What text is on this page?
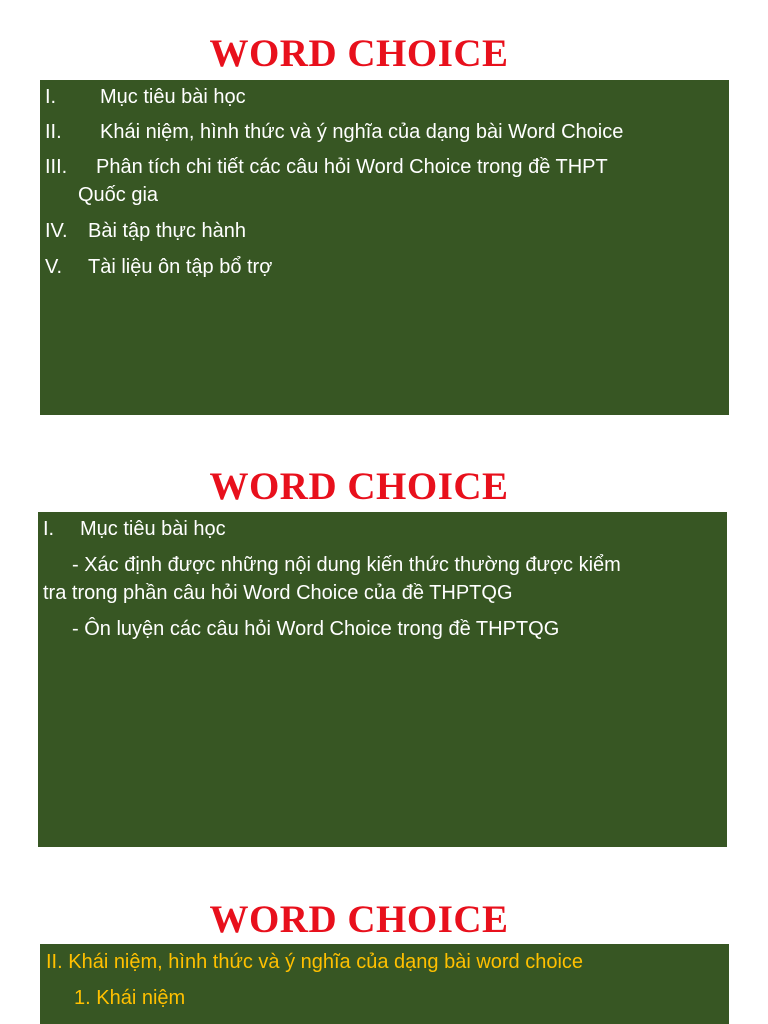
WORD CHOICE
I. Mục tiêu bài học
II. Khái niệm, hình thức và ý nghĩa của dạng bài Word Choice
III. Phân tích chi tiết các câu hỏi Word Choice trong đề THPT
Quốc gia
IV. Bài tập thực hành
V. Tài liệu ôn tập bổ trợ
WORD CHOICE
I. Mục tiêu bài học
- Xác định được những nội dung kiến thức thường được kiểm
tra trong phần câu hỏi Word Choice của đề THPTQG
- Ôn luyện các câu hỏi Word Choice trong đề THPTQG
WORD CHOICE
II. Khái niệm, hình thức và ý nghĩa của dạng bài word choice
1. Khái niệm
